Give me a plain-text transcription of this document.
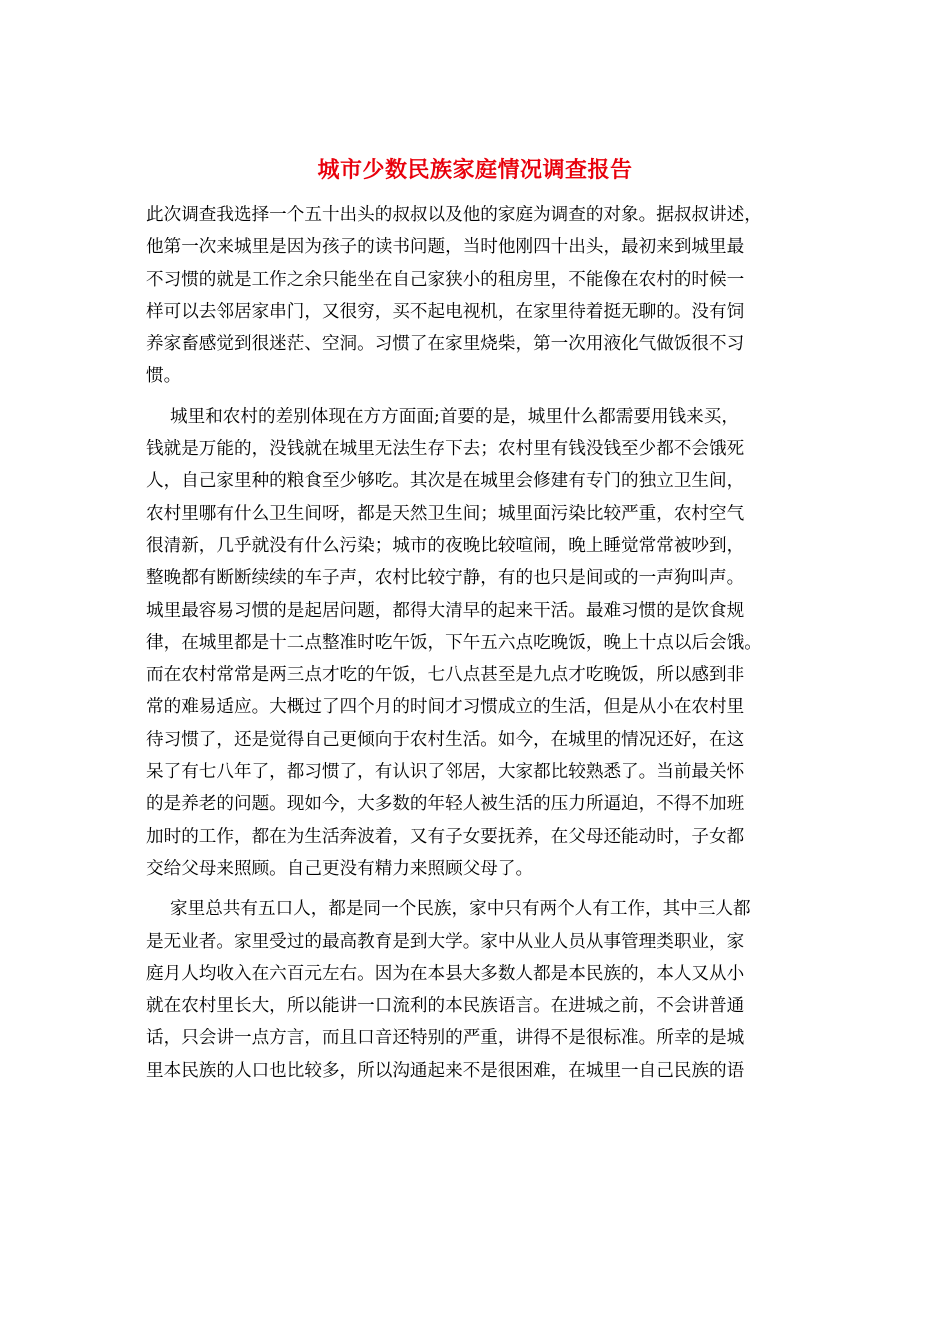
城市少数民族家庭情况调查报告

此次调查我选择一个五十出头的叔叔以及他的家庭为调查的对象。据叔叔讲述，

他第一次来城里是因为孩子的读书问题，当时他刚四十出头，最初来到城里最

不习惯的就是工作之余只能坐在自己家狭小的租房里，不能像在农村的时候一

样可以去邻居家串门，又很穷，买不起电视机，在家里待着挺无聊的。没有饲

养家畜感觉到很迷茫、空洞。习惯了在家里烧柴，第一次用液化气做饭很不习

惯。

城里和农村的差别体现在方方面面;首要的是，城里什么都需要用钱来买，

钱就是万能的，没钱就在城里无法生存下去；农村里有钱没钱至少都不会饿死

人，自己家里种的粮食至少够吃。其次是在城里会修建有专门的独立卫生间，

农村里哪有什么卫生间呀，都是天然卫生间；城里面污染比较严重，农村空气

很清新，几乎就没有什么污染；城市的夜晚比较喧闹，晚上睡觉常常被吵到，

整晚都有断断续续的车子声，农村比较宁静，有的也只是间或的一声狗叫声。

城里最容易习惯的是起居问题，都得大清早的起来干活。最难习惯的是饮食规

律，在城里都是十二点整准时吃午饭，下午五六点吃晚饭，晚上十点以后会饿。

而在农村常常是两三点才吃的午饭，七八点甚至是九点才吃晚饭，所以感到非

常的难易适应。大概过了四个月的时间才习惯成立的生活，但是从小在农村里

待习惯了，还是觉得自己更倾向于农村生活。如今，在城里的情况还好，在这

呆了有七八年了，都习惯了，有认识了邻居，大家都比较熟悉了。当前最关怀

的是养老的问题。现如今，大多数的年轻人被生活的压力所逼迫，不得不加班

加时的工作，都在为生活奔波着，又有子女要抚养，在父母还能动时，子女都

交给父母来照顾。自己更没有精力来照顾父母了。

家里总共有五口人，都是同一个民族，家中只有两个人有工作，其中三人都

是无业者。家里受过的最高教育是到大学。家中从业人员从事管理类职业，家

庭月人均收入在六百元左右。因为在本县大多数人都是本民族的，本人又从小

就在农村里长大，所以能讲一口流利的本民族语言。在进城之前，不会讲普通

话，只会讲一点方言，而且口音还特别的严重，讲得不是很标准。所幸的是城

里本民族的人口也比较多，所以沟通起来不是很困难，在城里一自己民族的语
